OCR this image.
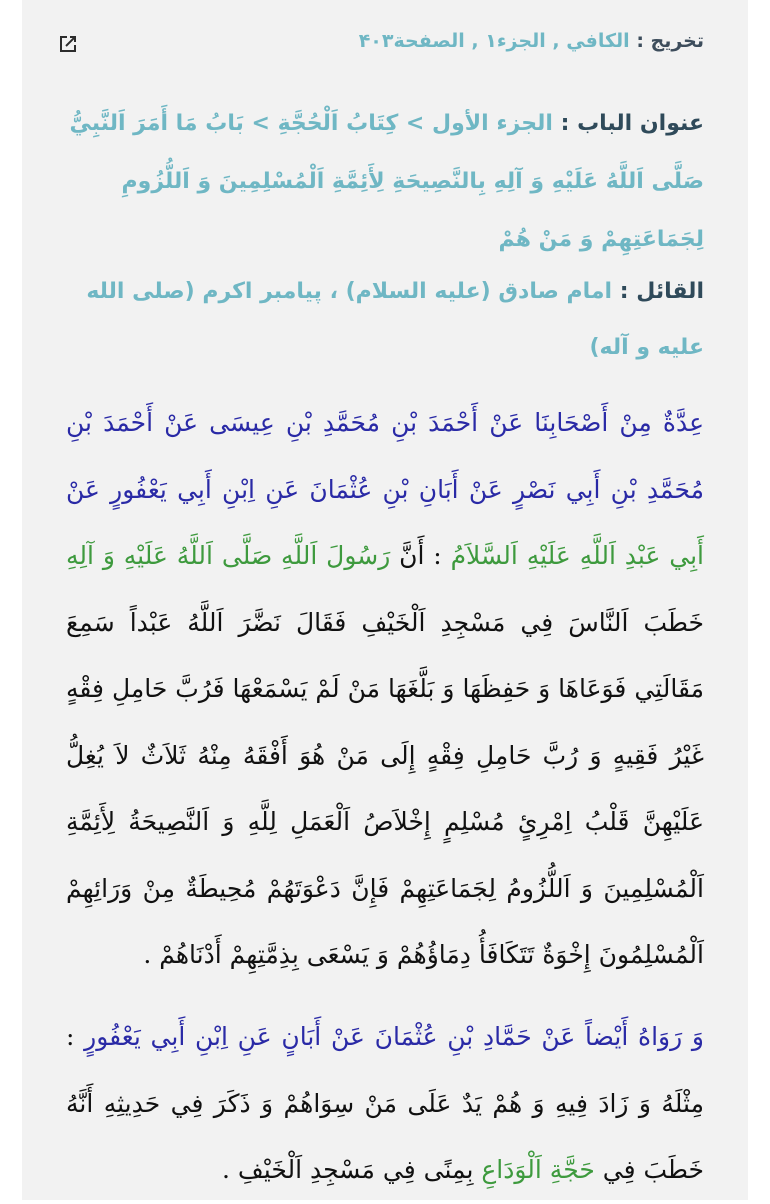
تخريج : الكافي , الجزء۱ , الصفحة۴۰۳
عنوان الباب : الجزء الأول > کِتَابُ اَلْحُجَّةِ > بَابُ مَا أَمَرَ اَلنَّبِيُّ صَلَّى اَللَّهُ عَلَيْهِ وَ آلِهِ بِالنَّصِيحَةِ لِأَئِمَّةِ اَلْمُسْلِمِينَ وَ اَللُّزُومِ لِجَمَاعَتِهِمْ وَ مَنْ هُمْ
القائل : امام صادق (علیه السلام) ، پیامبر اکرم (صلی الله علیه و آله)
عِدَّةٌ مِنْ أَصْحَابِنَا عَنْ أَحْمَدَ بْنِ مُحَمَّدِ بْنِ عِيسَى عَنْ أَحْمَدَ بْنِ مُحَمَّدِ بْنِ أَبِي نَصْرٍ عَنْ أَبَانِ بْنِ عُثْمَانَ عَنِ اِبْنِ أَبِي يَعْفُورٍ عَنْ أَبِي عَبْدِ اَللَّهِ عَلَيْهِ اَلسَّلاَمُ : أَنَّ رَسُولَ اَللَّهِ صَلَّى اَللَّهُ عَلَيْهِ وَ آلِهِ خَطَبَ اَلنَّاسَ فِي مَسْجِدِ اَلْخَيْفِ فَقَالَ نَضَّرَ اَللَّهُ عَبْداً سَمِعَ مَقَالَتِي فَوَعَاهَا وَ حَفِظَهَا وَ بَلَّغَهَا مَنْ لَمْ يَسْمَعْهَا فَرُبَّ حَامِلِ فِقْهٍ غَيْرُ فَقِيهٍ وَ رُبَّ حَامِلِ فِقْهٍ إِلَى مَنْ هُوَ أَفْقَهُ مِنْهُ ثَلاَثٌ لاَ يُغِلُّ عَلَيْهِنَّ قَلْبُ اِمْرِئٍ مُسْلِمٍ إِخْلاَصُ اَلْعَمَلِ لِلَّهِ وَ اَلنَّصِيحَةُ لِأَئِمَّةِ اَلْمُسْلِمِينَ وَ اَللُّزُومُ لِجَمَاعَتِهِمْ فَإِنَّ دَعْوَتَهُمْ مُحِيطَةٌ مِنْ وَرَائِهِمْ اَلْمُسْلِمُونَ إِخْوَةٌ تَتَكَافَأُ دِمَاؤُهُمْ وَ يَسْعَى بِذِمَّتِهِمْ أَدْنَاهُمْ .
وَ رَوَاهُ أَيْضاً عَنْ حَمَّادِ بْنِ عُثْمَانَ عَنْ أَبَانٍ عَنِ اِبْنِ أَبِي يَعْفُورٍ : مِثْلَهُ وَ زَادَ فِيهِ وَ هُمْ يَدٌ عَلَى مَنْ سِوَاهُمْ وَ ذَكَرَ فِي حَدِيثِهِ أَنَّهُ خَطَبَ فِي حَجَّةِ اَلْوَدَاعِ بِمِنًى فِي مَسْجِدِ اَلْخَيْفِ .
